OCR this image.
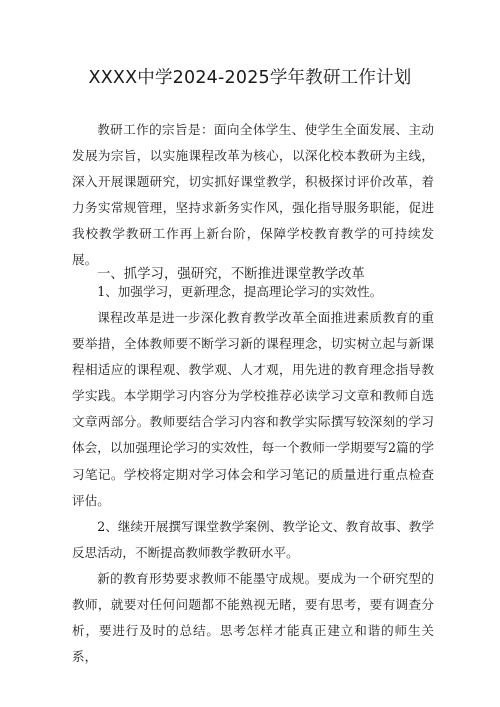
XXXX中学2024-2025学年教研工作计划

教研工作的宗旨是：面向全体学生、使学生全面发展、主动发展为宗旨，以实施课程改革为核心，以深化校本教研为主线，深入开展课题研究，切实抓好课堂教学，积极探讨评价改革，着力务实常规管理，坚持求新务实作风，强化指导服务职能，促进我校教学教研工作再上新台阶，保障学校教育教学的可持续发展。

一、抓学习，强研究，不断推进课堂教学改革

1、加强学习，更新理念，提高理论学习的实效性。

课程改革是进一步深化教育教学改革全面推进素质教育的重要举措，全体教师要不断学习新的课程理念，切实树立起与新课程相适应的课程观、教学观、人才观，用先进的教育理念指导教学实践。本学期学习内容分为学校推荐必读学习文章和教师自选文章两部分。教师要结合学习内容和教学实际撰写较深刻的学习体会，以加强理论学习的实效性，每一个教师一学期要写2篇的学习笔记。学校将定期对学习体会和学习笔记的质量进行重点检查评估。

2、继续开展撰写课堂教学案例、教学论文、教育故事、教学反思活动，不断提高教师教学教研水平。

新的教育形势要求教师不能墨守成规。要成为一个研究型的教师，就要对任何问题都不能熟视无睹，要有思考，要有调查分析，要进行及时的总结。思考怎样才能真正建立和谐的师生关系，
